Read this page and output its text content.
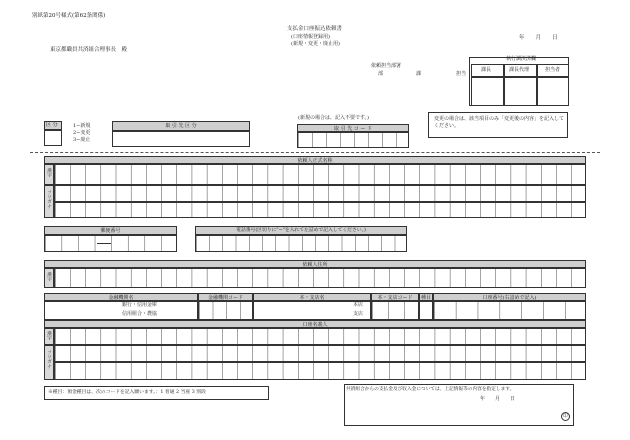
別紙第20号様式(第62条関係)
支払金口座振込依頼書
(口座情報登録用)
(新規・変更・廃止用)
年　　月　　日
東京都職員共済組合理事長　殿
依頼担当部署
部	課	担当
執行調決済欄
課長	課長代理	担当者
区 分	1−新規
2−変更
3−廃止
取 引 先 区 分
(新規の場合は、記入不要です。)
取 引 先 コ ー ド
変更の場合は、該当項目のみ「変更後の内容」を記入してください。
依頼人正式名称
漢字
フリガナ
郵便番号	電話番号(区切りに"−"を入れて左詰めで記入してください。)
依頼人住所
漢字
金融機関名	金融機関コード	本・支店名	本・支店コード	種目	口座番号(右詰めで記入)
銀行・信用金庫
信用組合・農協
本店
支店
口座名義人
漢字
フリガナ
※種目：預金種目は、次のコードを記入願います。：1 普通 2 当座 3 別段
共済組合からの支払金及び収入金については、上記情報等の内容を指定します。
年　　月　　日
印
